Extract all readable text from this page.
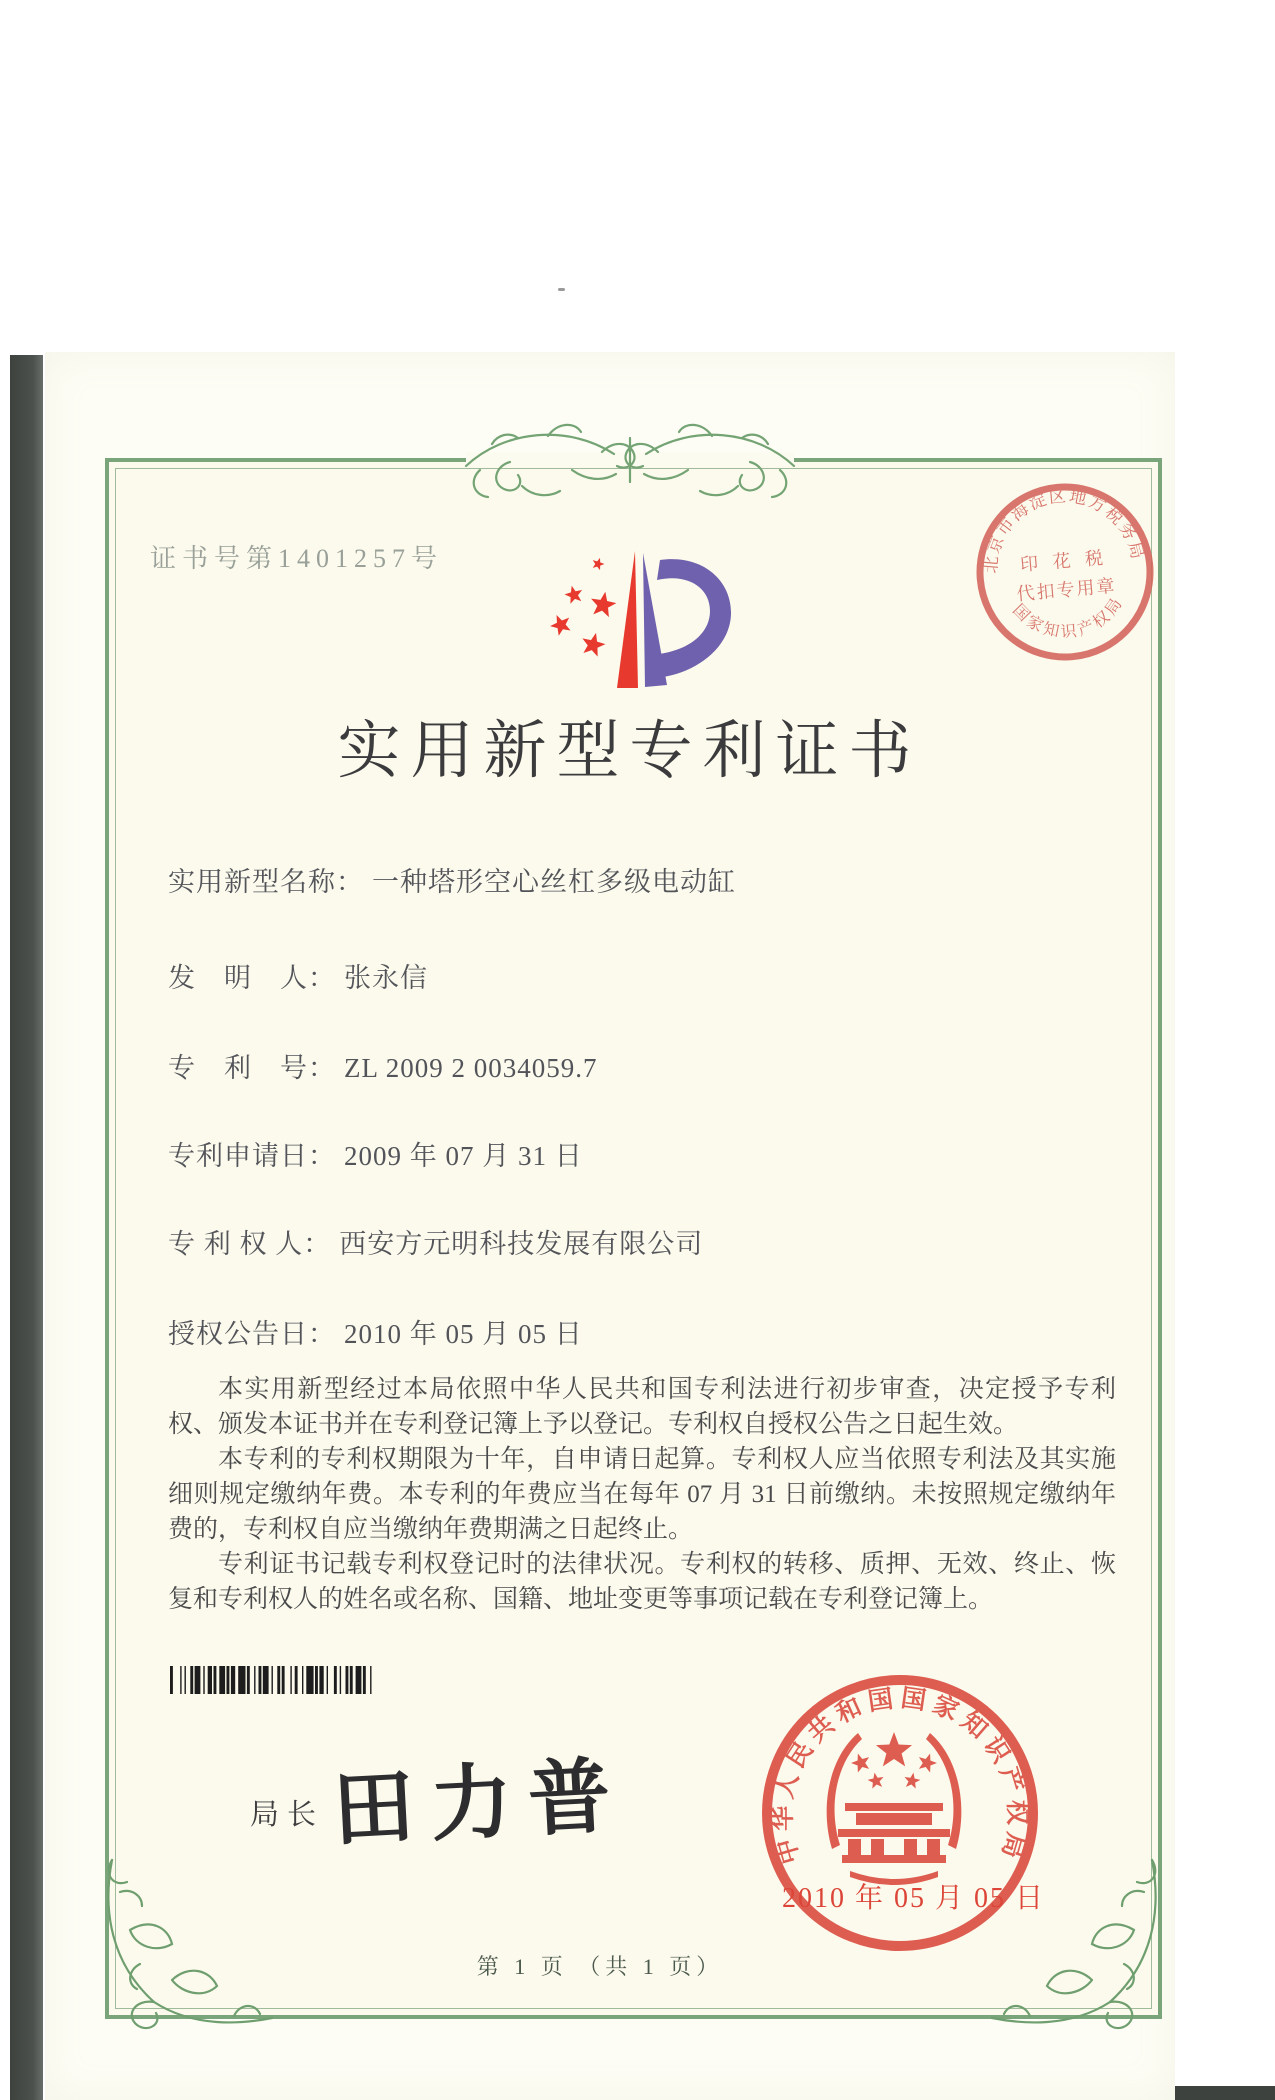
证书号第1401257号
实用新型专利证书
北京市海淀区地方税务局
国家知识产权局
印 花 税
代扣专用章
实用新型名称： 一种塔形空心丝杠多级电动缸
发　明　人： 张永信
专　利　号： ZL 2009 2 0034059.7
专利申请日： 2009 年 07 月 31 日
专 利 权 人： 西安方元明科技发展有限公司
授权公告日： 2010 年 05 月 05 日

本实用新型经过本局依照中华人民共和国专利法进行初步审查，决定授予专利权、颁发本证书并在专利登记簿上予以登记。专利权自授权公告之日起生效。

本专利的专利权期限为十年，自申请日起算。专利权人应当依照专利法及其实施细则规定缴纳年费。本专利的年费应当在每年 07 月 31 日前缴纳。未按照规定缴纳年费的，专利权自应当缴纳年费期满之日起终止。

专利证书记载专利权登记时的法律状况。专利权的转移、质押、无效、终止、恢复和专利权人的姓名或名称、国籍、地址变更等事项记载在专利登记簿上。

局长 田力普	中华人民共和国国家知识产权局
2010 年 05 月 05 日
第 1 页 （共 1 页）
